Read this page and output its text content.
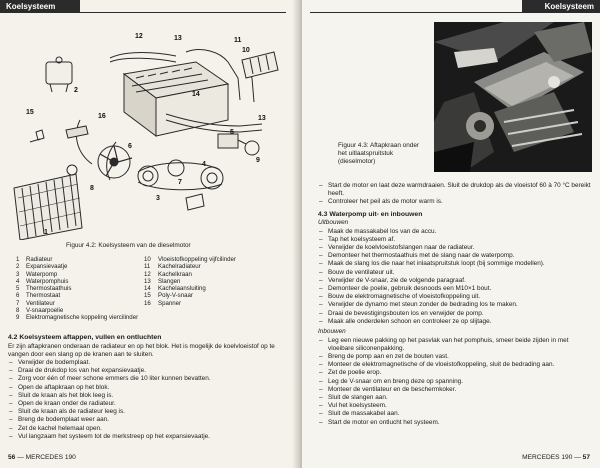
Koelsysteem
12	13	11
10
14
15
13
1
2
3
4
5
6
7
8
9
16
Figuur 4.2: Koelsysteem van de dieselmotor
1	Radiateur
2	Expansievaatje
3	Waterpomp
4	Waterpomphuis
5	Thermostaathuis
6	Thermostaat
7	Ventilateur
8	V-snaarpoelie
9	Elektromagnetische koppeling viercilinder
10	Vloeistofkoppeling vijfcilinder
11	Kachelradiateur
12	Kachelkraan
13	Slangen
14	Kachelaansluiting
15	Poly-V-snaar
16	Spanner
4.2 Koelsysteem aftappen, vullen en ontluchten
Er zijn aftapkranen onderaan de radiateur en op het blok. Het is mogelijk de koelvloeistof op te vangen door een slang op de kranen aan te sluiten.
– Verwijder de bodemplaat.
– Draai de drukdop los van het expansievaatje.
– Zorg voor één of meer schone emmers die 10 liter kunnen bevatten.
– Open de aftapkraan op het blok.
– Sluit de kraan als het blok leeg is.
– Open de kraan onder de radiateur.
– Sluit de kraan als de radiateur leeg is.
– Breng de bodemplaat weer aan.
– Zet de kachel helemaal open.
– Vul langzaam het systeem tot de merkstreep op het expansievaatje.
56 — MERCEDES 190
Koelsysteem
Figuur 4.3: Aftapkraan onder het uitlaatspruitstuk (dieselmotor)
– Start de motor en laat deze warmdraaien. Sluit de drukdop als de vloeistof 60 à 70 °C bereikt heeft.
– Controleer het peil als de motor warm is.
4.3 Waterpomp uit- en inbouwen
Uitbouwen
– Maak de massakabel los van de accu.
– Tap het koelsysteem af.
– Verwijder de koelvloeistofslangen naar de radiateur.
– Demonteer het thermostaathuis met de slang naar de waterpomp.
– Maak de slang los die naar het inlaatspruitstuk loopt (bij sommige modellen).
– Bouw de ventilateur uit.
– Verwijder de V-snaar, zie de volgende paragraaf.
– Demonteer de poelie, gebruik desnoods een M10×1 bout.
– Bouw de elektromagnetische of vloeistofkoppeling uit.
– Verwijder de dynamo met steun zonder de bedrading los te maken.
– Draai de bevestigingsbouten los en verwijder de pomp.
– Maak alle onderdelen schoon en controleer ze op slijtage.
Inbouwen
– Leg een nieuwe pakking op het pasvlak van het pomphuis, smeer beide zijden in met vloeibare siliconenpakking.
– Breng de pomp aan en zet de bouten vast.
– Monteer de elektromagnetische of de vloeistofkoppeling, sluit de bedrading aan.
– Zet de poelie erop.
– Leg de V-snaar om en breng deze op spanning.
– Monteer de ventilateur en de beschermkoker.
– Sluit de slangen aan.
– Vul het koelsysteem.
– Sluit de massakabel aan.
– Start de motor en ontlucht het systeem.
MERCEDES 190 — 57
